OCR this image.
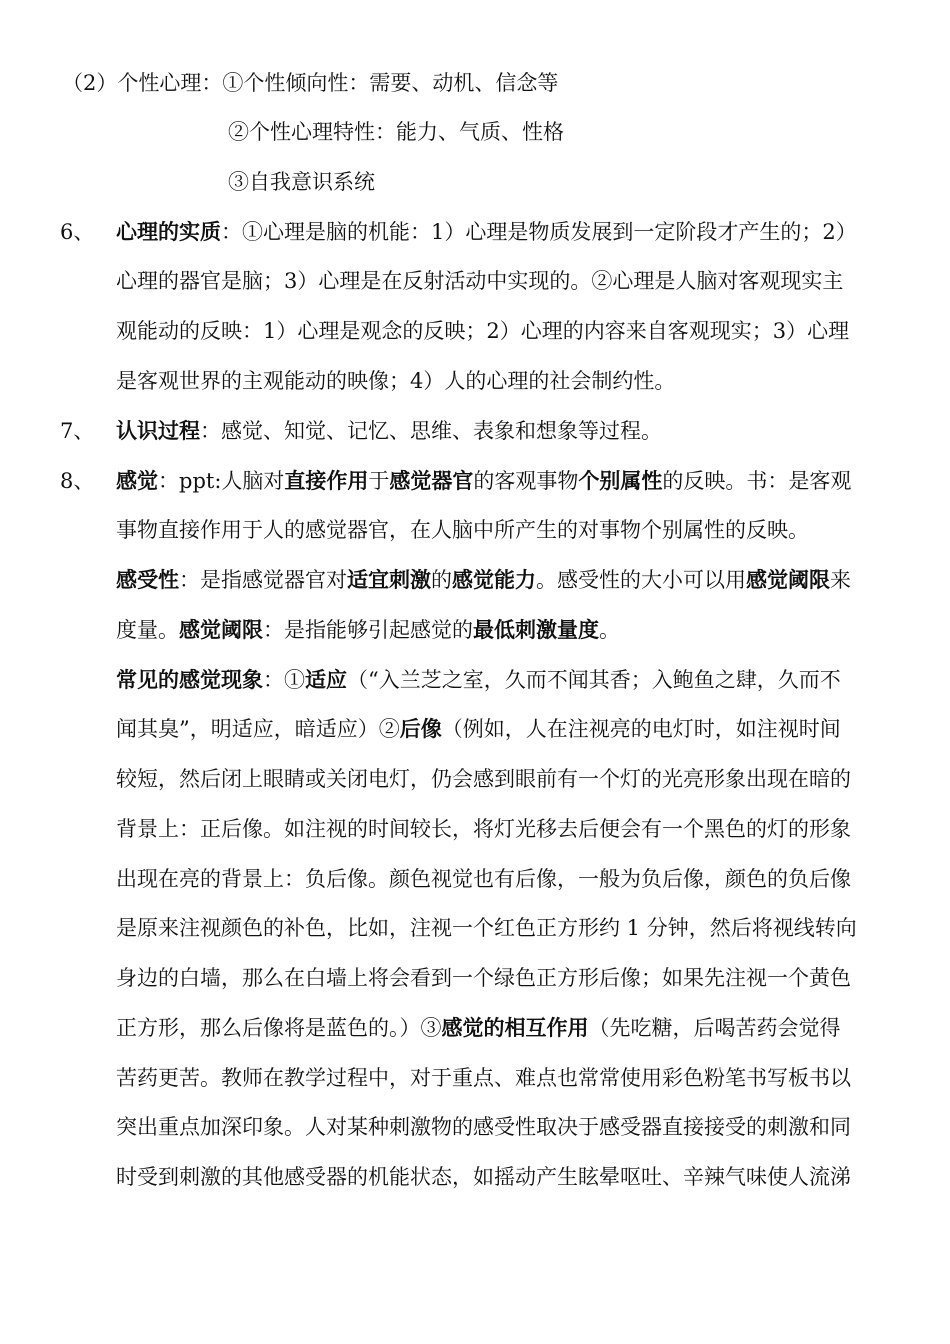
（2）个性心理：①个性倾向性：需要、动机、信念等
②个性心理特性：能力、气质、性格
③自我意识系统
6、 心理的实质：①心理是脑的机能：1）心理是物质发展到一定阶段才产生的；2）
心理的器官是脑；3）心理是在反射活动中实现的。②心理是人脑对客观现实主
观能动的反映：1）心理是观念的反映；2）心理的内容来自客观现实；3）心理
是客观世界的主观能动的映像；4）人的心理的社会制约性。
7、 认识过程：感觉、知觉、记忆、思维、表象和想象等过程。
8、 感觉：ppt:人脑对直接作用于感觉器官的客观事物个别属性的反映。书：是客观
事物直接作用于人的感觉器官，在人脑中所产生的对事物个别属性的反映。
感受性：是指感觉器官对适宜刺激的感觉能力。感受性的大小可以用感觉阈限来
度量。感觉阈限：是指能够引起感觉的最低刺激量度。
常见的感觉现象：①适应（“入兰芝之室，久而不闻其香；入鲍鱼之肆，久而不
闻其臭”，明适应，暗适应）②后像（例如，人在注视亮的电灯时，如注视时间
较短，然后闭上眼睛或关闭电灯，仍会感到眼前有一个灯的光亮形象出现在暗的
背景上：正后像。如注视的时间较长，将灯光移去后便会有一个黑色的灯的形象
出现在亮的背景上：负后像。颜色视觉也有后像，一般为负后像，颜色的负后像
是原来注视颜色的补色，比如，注视一个红色正方形约 1 分钟，然后将视线转向
身边的白墙，那么在白墙上将会看到一个绿色正方形后像；如果先注视一个黄色
正方形，那么后像将是蓝色的。）③感觉的相互作用（先吃糖，后喝苦药会觉得
苦药更苦。教师在教学过程中，对于重点、难点也常常使用彩色粉笔书写板书以
突出重点加深印象。人对某种刺激物的感受性取决于感受器直接接受的刺激和同
时受到刺激的其他感受器的机能状态，如摇动产生眩晕呕吐、辛辣气味使人流涕
